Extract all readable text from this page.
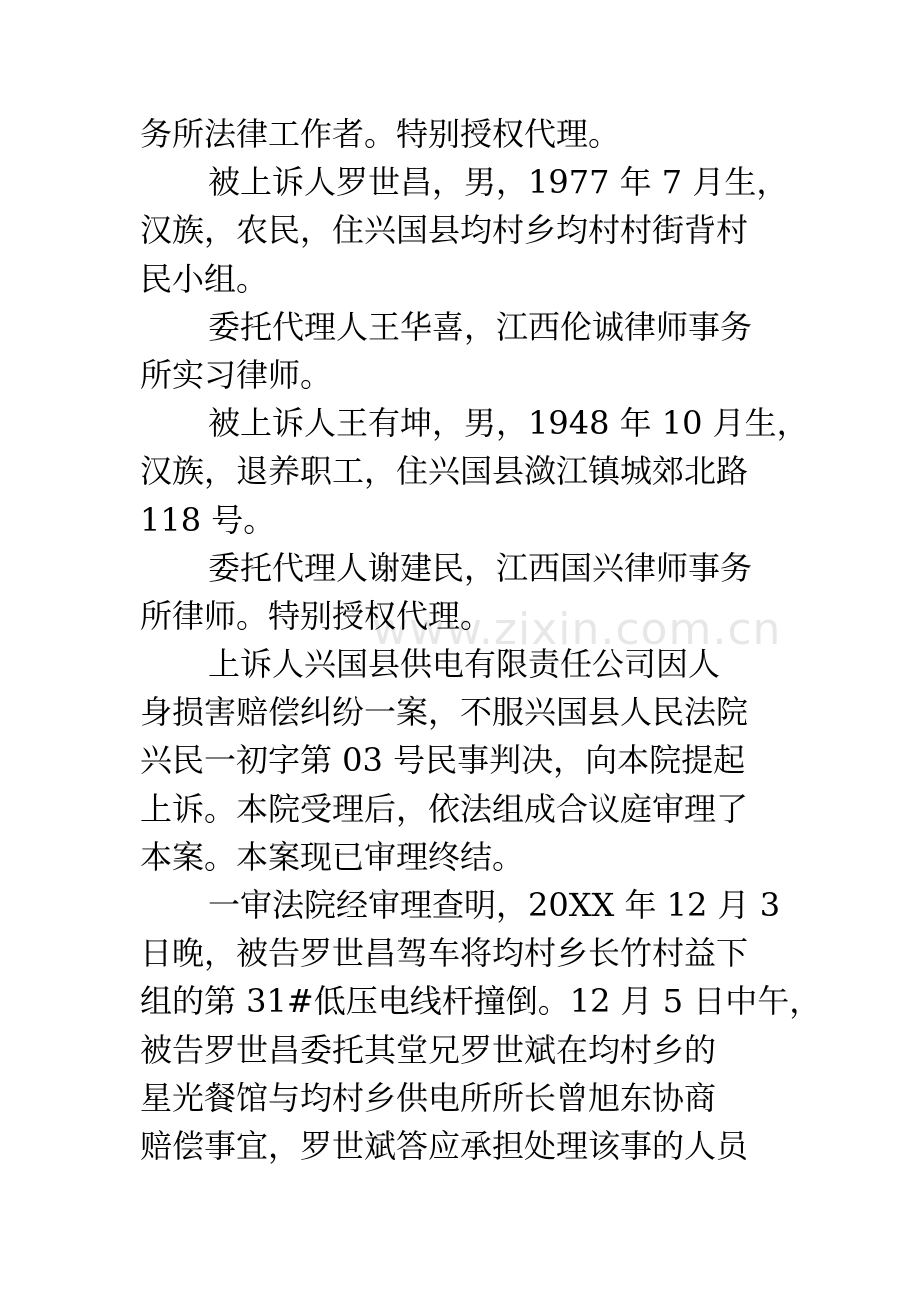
务所法律工作者。特别授权代理。
被上诉人罗世昌，男，1977 年 7 月生，
汉族，农民，住兴国县均村乡均村村街背村
民小组。
委托代理人王华喜，江西伦诚律师事务
所实习律师。
被上诉人王有坤，男，1948 年 10 月生，
汉族，退养职工，住兴国县潋江镇城郊北路
118 号。
委托代理人谢建民，江西国兴律师事务
所律师。特别授权代理。
上诉人兴国县供电有限责任公司因人
身损害赔偿纠纷一案，不服兴国县人民法院
兴民一初字第 03 号民事判决，向本院提起
上诉。本院受理后，依法组成合议庭审理了
本案。本案现已审理终结。
一审法院经审理查明，20XX 年 12 月 3
日晚，被告罗世昌驾车将均村乡长竹村益下
组的第 31#低压电线杆撞倒。12 月 5 日中午，
被告罗世昌委托其堂兄罗世斌在均村乡的
星光餐馆与均村乡供电所所长曾旭东协商
赔偿事宜，罗世斌答应承担处理该事的人员
www.zixin.com.cn
